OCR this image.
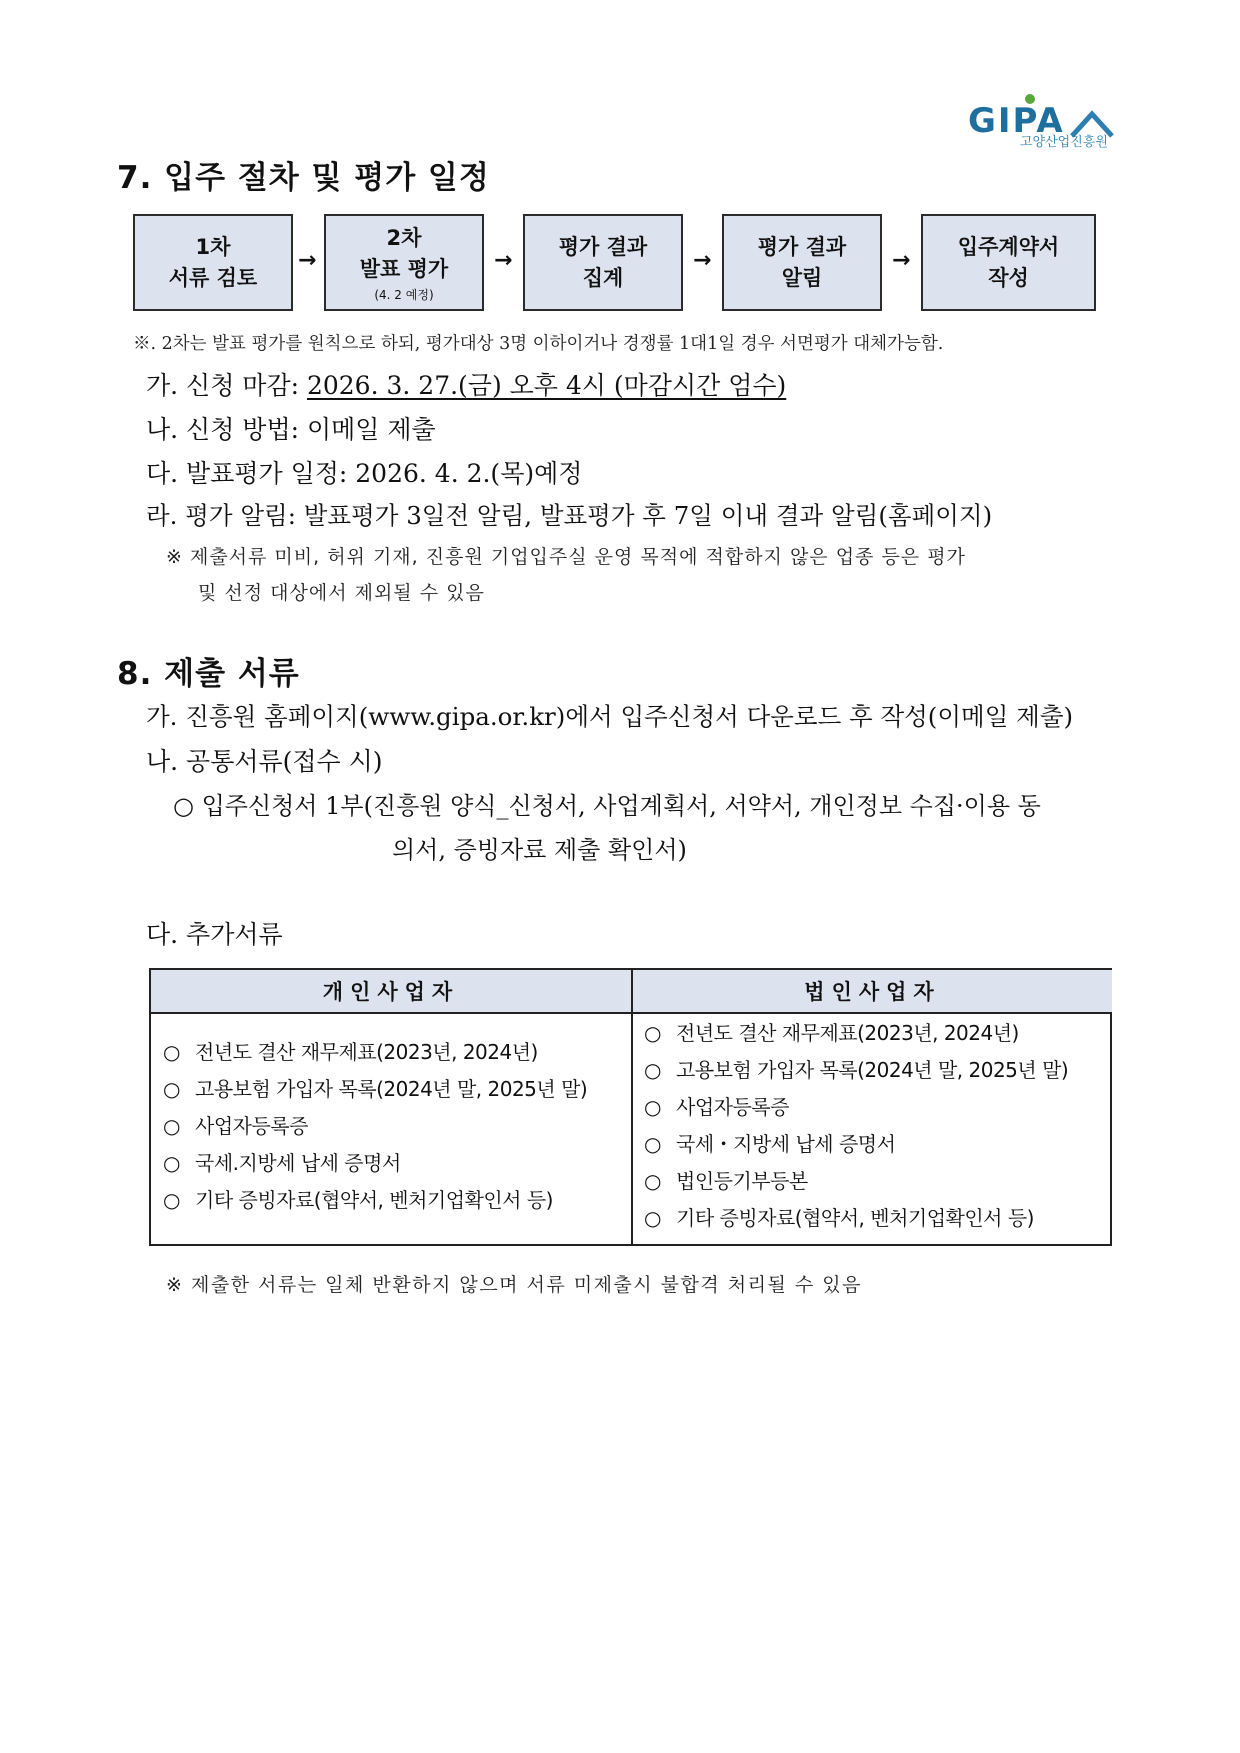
GIPA
고양산업진흥원
7. 입주 절차 및 평가 일정
1차
서류 검토
→
2차
발표 평가
(4. 2 예정)
→
평가 결과
집계
→
평가 결과
알림
→
입주계약서
작성
※. 2차는 발표 평가를 원칙으로 하되, 평가대상 3명 이하이거나 경쟁률 1대1일 경우 서면평가 대체가능함.
가. 신청 마감: 2026. 3. 27.(금) 오후 4시 (마감시간 엄수)
나. 신청 방법: 이메일 제출
다. 발표평가 일정: 2026. 4. 2.(목)예정
라. 평가 알림: 발표평가 3일전 알림, 발표평가 후 7일 이내 결과 알림(홈페이지)
※ 제출서류 미비, 허위 기재, 진흥원 기업입주실 운영 목적에 적합하지 않은 업종 등은 평가
및 선정 대상에서 제외될 수 있음
8. 제출 서류
가. 진흥원 홈페이지(www.gipa.or.kr)에서 입주신청서 다운로드 후 작성(이메일 제출)
나. 공통서류(접수 시)
○ 입주신청서 1부(진흥원 양식_신청서, 사업계획서, 서약서, 개인정보 수집·이용 동
의서, 증빙자료 제출 확인서)
다. 추가서류
개인사업자	법인사업자
○ 전년도 결산 재무제표(2023년, 2024년)
○ 고용보험 가입자 목록(2024년 말, 2025년 말)
○ 사업자등록증
○ 국세.지방세 납세 증명서
○ 기타 증빙자료(협약서, 벤처기업확인서 등)
○ 전년도 결산 재무제표(2023년, 2024년)
○ 고용보험 가입자 목록(2024년 말, 2025년 말)
○ 사업자등록증
○ 국세・지방세 납세 증명서
○ 법인등기부등본
○ 기타 증빙자료(협약서, 벤처기업확인서 등)
※ 제출한 서류는 일체 반환하지 않으며 서류 미제출시 불합격 처리될 수 있음
